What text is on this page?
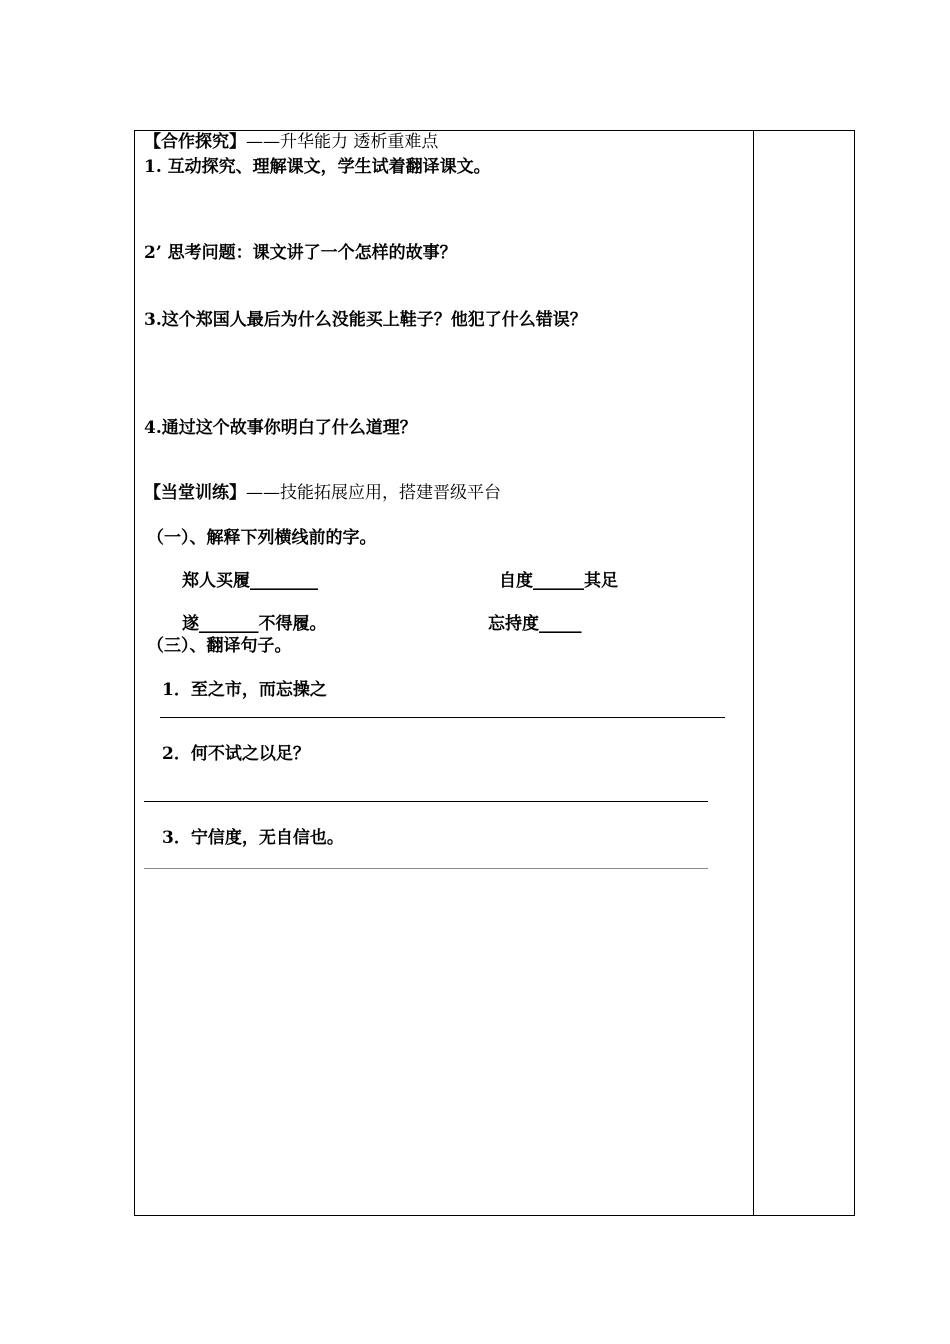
【合作探究】——升华能力 透析重难点
1. 互动探究、理解课文，学生试着翻译课文。
2’ 思考问题：课文讲了一个怎样的故事？
3.这个郑国人最后为什么没能买上鞋子？他犯了什么错误？
4.通过这个故事你明白了什么道理？
【当堂训练】——技能拓展应用，搭建晋级平台
（一）、解释下列横线前的字。
郑人买履________	自度______其足
遂_______不得履。	忘持度_____
（三）、翻译句子。
1．至之市，而忘操之
2．何不试之以足？
3．宁信度，无自信也。
